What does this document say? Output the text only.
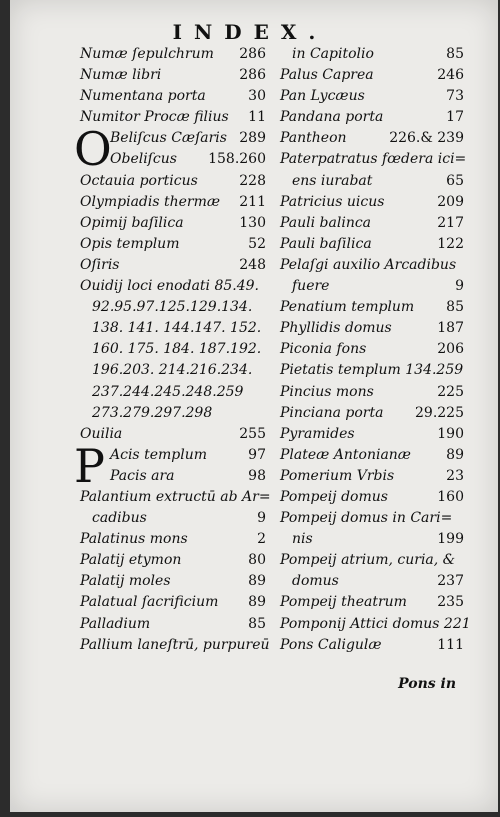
INDEX.
Numæ ſepulchrum 286
Numæ libri	286
Numentana porta	30
Numitor Procæ filius 11
O
Beliſcus Cæſaris 289
Obeliſcus 158.260
Octauia porticus	228
Olympiadis thermæ 211
Opimij baſilica	130
Opis templum	52
Oſiris	248
Ouidij loci enodati 85.49.
92.95.97.125.129.134.
138. 141. 144.147. 152.
160. 175. 184. 187.192.
196.203. 214.216.234.
237.244.245.248.259
273.279.297.298
Ouilia	255
P Acis templum	97
Pacis ara	98
Palantium extructū ab Ar=
cadibus	9
Palatinus mons	2
Palatij etymon	80
Palatij moles	89
Palatual ſacrificium 89
Palladium	85
Pallium laneſtrū, purpureū
in Capitolio	85
Palus Caprea	246
Pan Lycæus	73
Pandana porta	17
Pantheon	226.& 239
Paterpatratus fœdera ici=
ens iurabat	65
Patricius uicus	209
Pauli balinca	217
Pauli baſilica	122
Pelaſgi auxilio Arcadibus
fuere	9
Penatium templum 85
Phyllidis domus	187
Piconia fons	206
Pietatis templum 134.259
Pincius mons	225
Pinciana porta 29.225
Pyramides	190
Plateæ Antonianæ	89
Pomerium Vrbis	23
Pompeij domus	160
Pompeij domus in Cari=
nis	199
Pompeij atrium, curia, &
domus	237
Pompeij theatrum 235
Pomponij Attici domus 221
Pons Caligulæ	111
Pons in
